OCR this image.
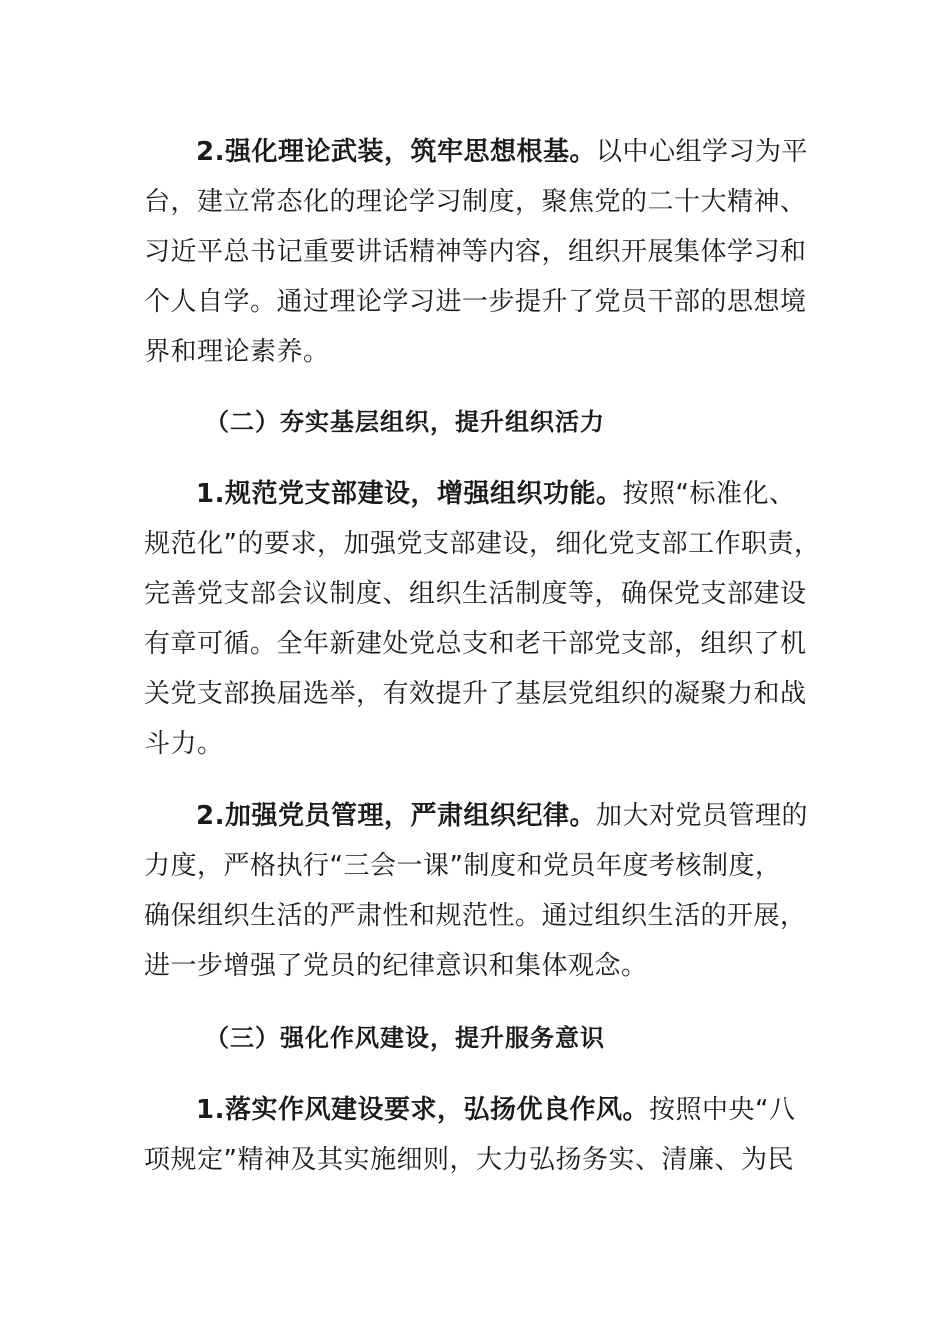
2.强化理论武装，筑牢思想根基。以中心组学习为平
台，建立常态化的理论学习制度，聚焦党的二十大精神、
习近平总书记重要讲话精神等内容，组织开展集体学习和
个人自学。通过理论学习进一步提升了党员干部的思想境
界和理论素养。
（二）夯实基层组织，提升组织活力
1.规范党支部建设，增强组织功能。按照“标准化、
规范化”的要求，加强党支部建设，细化党支部工作职责，
完善党支部会议制度、组织生活制度等，确保党支部建设
有章可循。全年新建处党总支和老干部党支部，组织了机
关党支部换届选举，有效提升了基层党组织的凝聚力和战
斗力。
2.加强党员管理，严肃组织纪律。加大对党员管理的
力度，严格执行“三会一课”制度和党员年度考核制度，
确保组织生活的严肃性和规范性。通过组织生活的开展，
进一步增强了党员的纪律意识和集体观念。
（三）强化作风建设，提升服务意识
1.落实作风建设要求，弘扬优良作风。按照中央“八
项规定”精神及其实施细则，大力弘扬务实、清廉、为民
